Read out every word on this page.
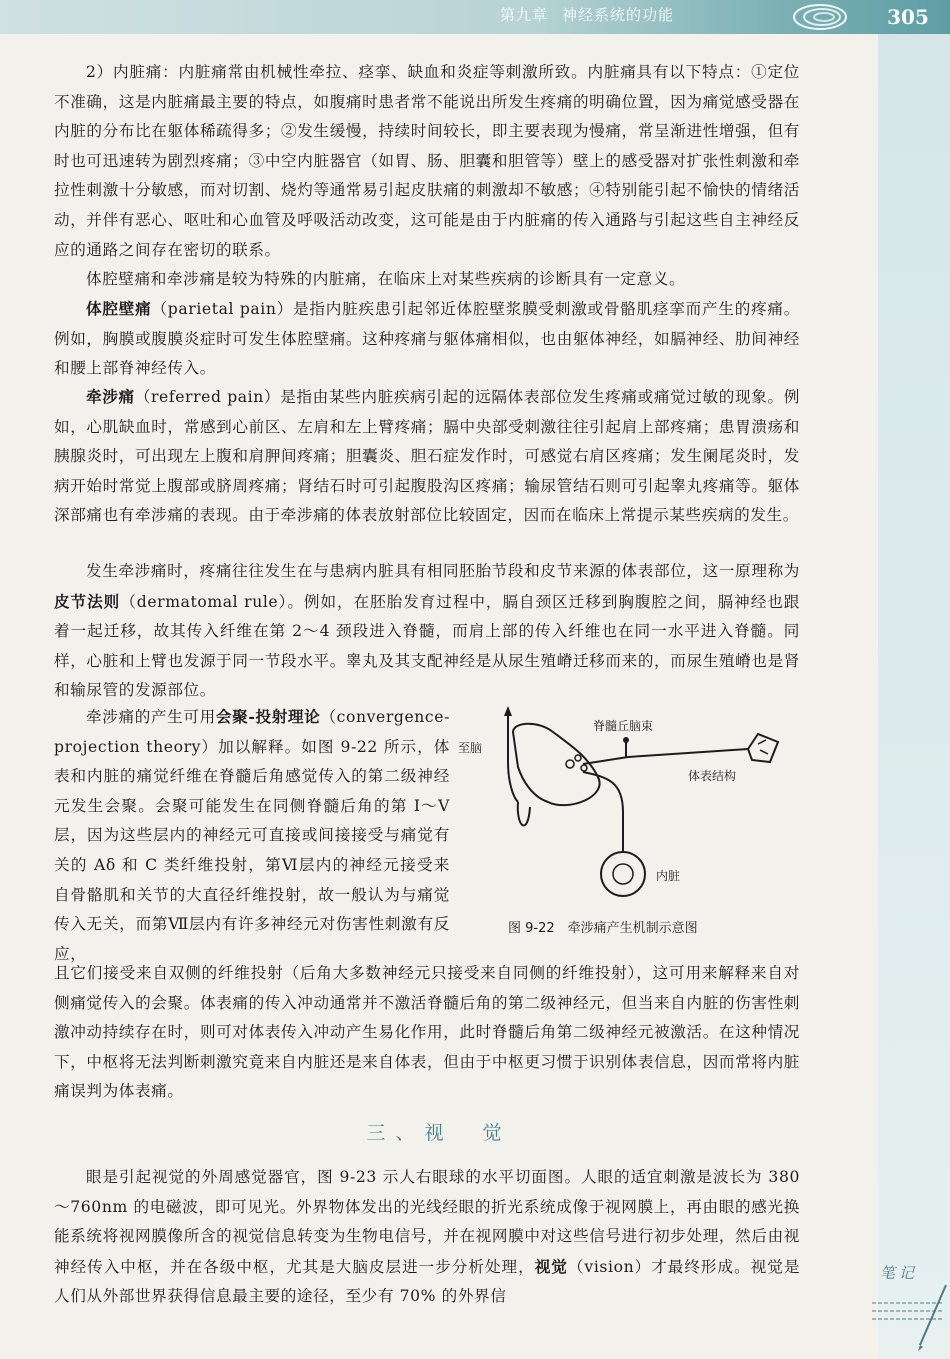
第九章 神经系统的功能	305
笔记

2）内脏痛：内脏痛常由机械性牵拉、痉挛、缺血和炎症等刺激所致。内脏痛具有以下特点：①定位不准确，这是内脏痛最主要的特点，如腹痛时患者常不能说出所发生疼痛的明确位置，因为痛觉感受器在内脏的分布比在躯体稀疏得多；②发生缓慢，持续时间较长，即主要表现为慢痛，常呈渐进性增强，但有时也可迅速转为剧烈疼痛；③中空内脏器官（如胃、肠、胆囊和胆管等）壁上的感受器对扩张性刺激和牵拉性刺激十分敏感，而对切割、烧灼等通常易引起皮肤痛的刺激却不敏感；④特别能引起不愉快的情绪活动，并伴有恶心、呕吐和心血管及呼吸活动改变，这可能是由于内脏痛的传入通路与引起这些自主神经反应的通路之间存在密切的联系。

体腔壁痛和牵涉痛是较为特殊的内脏痛，在临床上对某些疾病的诊断具有一定意义。

体腔壁痛（parietal pain）是指内脏疾患引起邻近体腔壁浆膜受刺激或骨骼肌痉挛而产生的疼痛。例如，胸膜或腹膜炎症时可发生体腔壁痛。这种疼痛与躯体痛相似，也由躯体神经，如膈神经、肋间神经和腰上部脊神经传入。

牵涉痛（referred pain）是指由某些内脏疾病引起的远隔体表部位发生疼痛或痛觉过敏的现象。例如，心肌缺血时，常感到心前区、左肩和左上臂疼痛；膈中央部受刺激往往引起肩上部疼痛；患胃溃疡和胰腺炎时，可出现左上腹和肩胛间疼痛；胆囊炎、胆石症发作时，可感觉右肩区疼痛；发生阑尾炎时，发病开始时常觉上腹部或脐周疼痛；肾结石时可引起腹股沟区疼痛；输尿管结石则可引起睾丸疼痛等。躯体深部痛也有牵涉痛的表现。由于牵涉痛的体表放射部位比较固定，因而在临床上常提示某些疾病的发生。

发生牵涉痛时，疼痛往往发生在与患病内脏具有相同胚胎节段和皮节来源的体表部位，这一原理称为皮节法则（dermatomal rule）。例如，在胚胎发育过程中，膈自颈区迁移到胸腹腔之间，膈神经也跟着一起迁移，故其传入纤维在第 2～4 颈段进入脊髓，而肩上部的传入纤维也在同一水平进入脊髓。同样，心脏和上臂也发源于同一节段水平。睾丸及其支配神经是从尿生殖嵴迁移而来的，而尿生殖嵴也是肾和输尿管的发源部位。

牵涉痛的产生可用会聚-投射理论（convergence-projection theory）加以解释。如图 9-22 所示，体表和内脏的痛觉纤维在脊髓后角感觉传入的第二级神经元发生会聚。会聚可能发生在同侧脊髓后角的第 Ⅰ～Ⅴ层，因为这些层内的神经元可直接或间接接受与痛觉有关的 Aδ 和 C 类纤维投射，第Ⅵ层内的神经元接受来自骨骼肌和关节的大直径纤维投射，故一般认为与痛觉传入无关，而第Ⅶ层内有许多神经元对伤害性刺激有反应，

至脑
脊髓丘脑束
体表结构
内脏
图 9-22　牵涉痛产生机制示意图

且它们接受来自双侧的纤维投射（后角大多数神经元只接受来自同侧的纤维投射），这可用来解释来自对侧痛觉传入的会聚。体表痛的传入冲动通常并不激活脊髓后角的第二级神经元，但当来自内脏的伤害性刺激冲动持续存在时，则可对体表传入冲动产生易化作用，此时脊髓后角第二级神经元被激活。在这种情况下，中枢将无法判断刺激究竟来自内脏还是来自体表，但由于中枢更习惯于识别体表信息，因而常将内脏痛误判为体表痛。

三、视　觉

眼是引起视觉的外周感觉器官，图 9-23 示人右眼球的水平切面图。人眼的适宜刺激是波长为 380～760nm 的电磁波，即可见光。外界物体发出的光线经眼的折光系统成像于视网膜上，再由眼的感光换能系统将视网膜像所含的视觉信息转变为生物电信号，并在视网膜中对这些信号进行初步处理，然后由视神经传入中枢，并在各级中枢，尤其是大脑皮层进一步分析处理，视觉（vision）才最终形成。视觉是人们从外部世界获得信息最主要的途径，至少有 70% 的外界信
